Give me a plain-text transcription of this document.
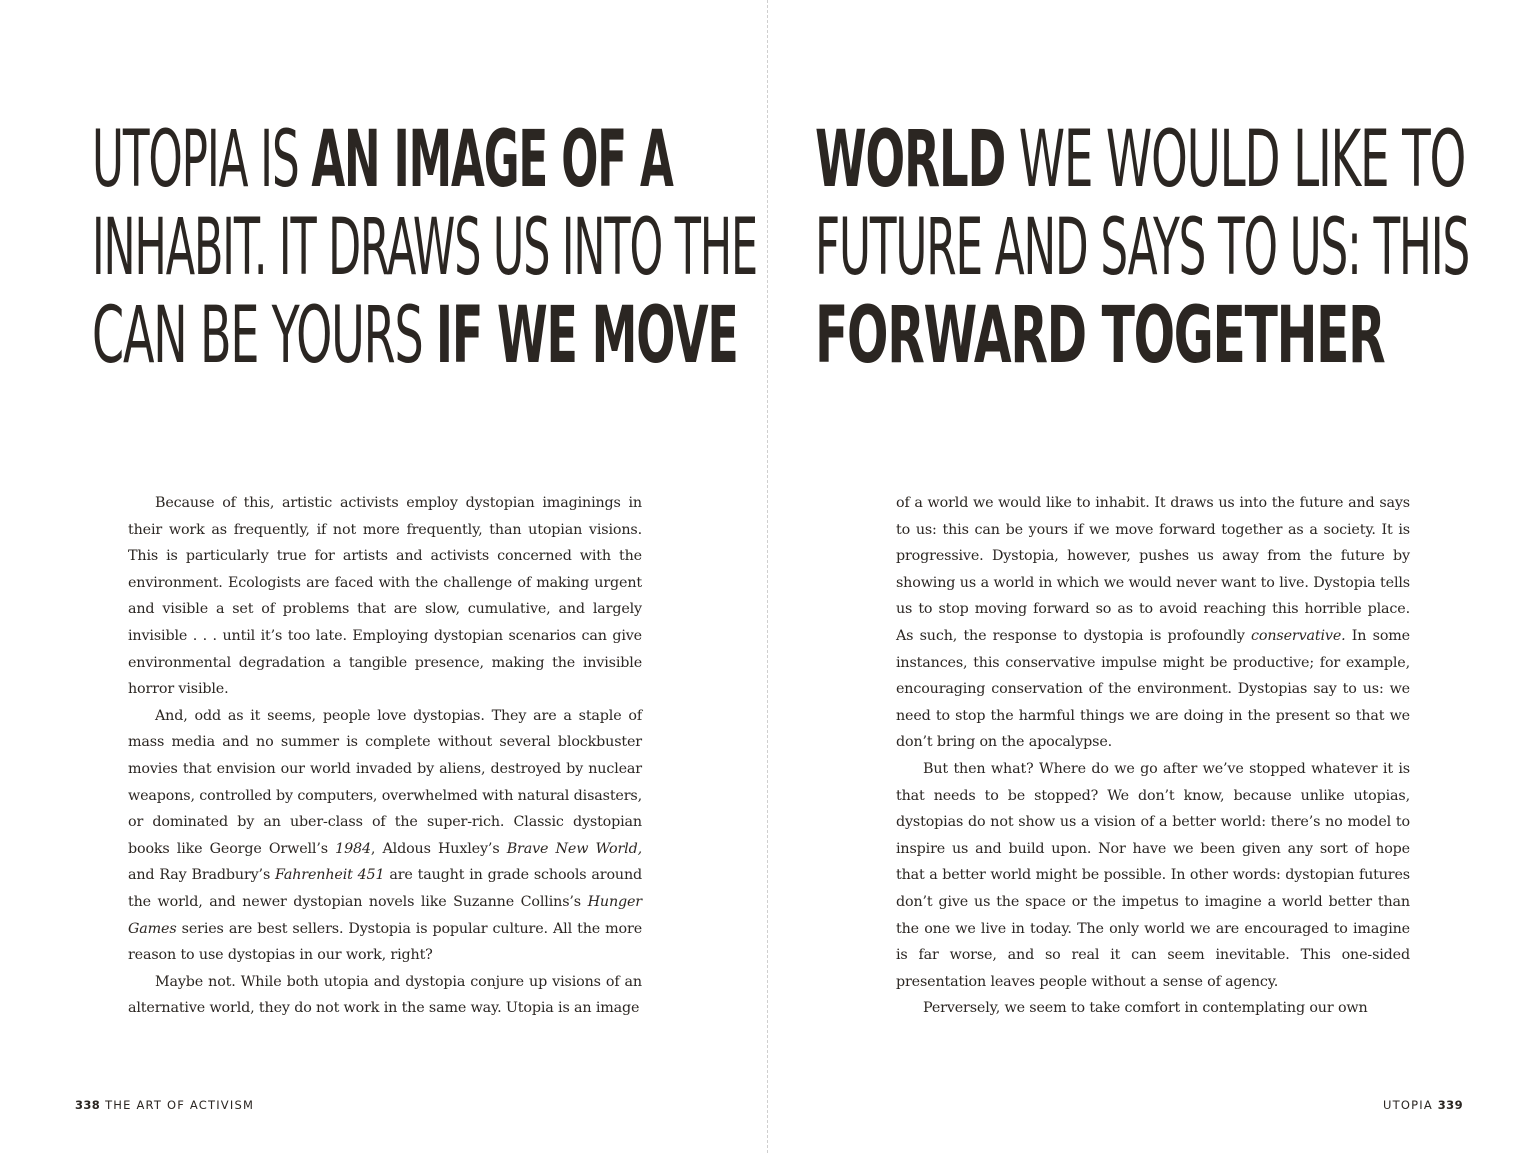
UTOPIA IS AN IMAGE OF A
INHABIT. IT DRAWS US INTO THE
CAN BE YOURS IF WE MOVE

Because of this, artistic activists employ dystopian imaginings in their work as frequently, if not more frequently, than utopian visions. This is particularly true for artists and activists concerned with the environment. Ecologists are faced with the challenge of making urgent and visible a set of problems that are slow, cumulative, and largely invisible . . . until it’s too late. Employing dystopian scenarios can give environmental degradation a tangible presence, making the invisible horror visible.

And, odd as it seems, people love dystopias. They are a staple of mass media and no summer is complete without several blockbuster movies that envision our world invaded by aliens, destroyed by nuclear weapons, controlled by computers, overwhelmed with natural disasters, or dominated by an uber-class of the super-rich. Classic dystopian books like George Orwell’s 1984, Aldous Huxley’s Brave New World, and Ray Bradbury’s Fahrenheit 451 are taught in grade schools around the world, and newer dystopian novels like Suzanne Collins’s Hunger Games series are best sellers. Dystopia is popular culture. All the more reason to use dystopias in our work, right?

Maybe not. While both utopia and dystopia conjure up visions of an alternative world, they do not work in the same way. Utopia is an image

338 THE ART OF ACTIVISM
WORLD WE WOULD LIKE TO
FUTURE AND SAYS TO US: THIS
FORWARD TOGETHER

of a world we would like to inhabit. It draws us into the future and says to us: this can be yours if we move forward together as a society. It is progressive. Dystopia, however, pushes us away from the future by showing us a world in which we would never want to live. Dystopia tells us to stop moving forward so as to avoid reaching this horrible place. As such, the response to dystopia is profoundly conservative. In some instances, this conservative impulse might be productive; for example, encouraging conservation of the environment. Dystopias say to us: we need to stop the harmful things we are doing in the present so that we don’t bring on the apocalypse.

But then what? Where do we go after we’ve stopped whatever it is that needs to be stopped? We don’t know, because unlike utopias, dystopias do not show us a vision of a better world: there’s no model to inspire us and build upon. Nor have we been given any sort of hope that a better world might be possible. In other words: dystopian futures don’t give us the space or the impetus to imagine a world better than the one we live in today. The only world we are encouraged to imagine is far worse, and so real it can seem inevitable. This one-sided presentation leaves people without a sense of agency.

Perversely, we seem to take comfort in contemplating our own

UTOPIA 339
